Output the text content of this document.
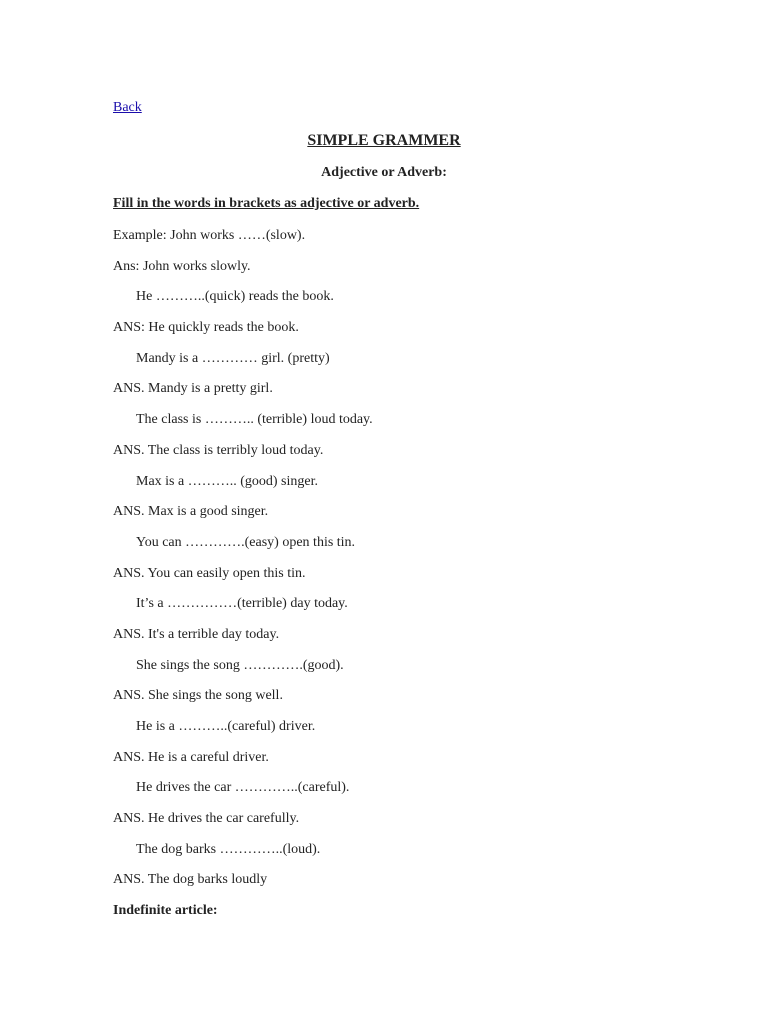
Back
SIMPLE GRAMMER
Adjective or Adverb:

Fill in the words in brackets as adjective or adverb.

Example: John works ……(slow).
Ans: John works slowly.
He ………..(quick) reads the book.
ANS: He quickly reads the book.
Mandy is a ………… girl. (pretty)
ANS. Mandy is a pretty girl.
The class is ……….. (terrible) loud today.
ANS. The class is terribly loud today.
Max is a ……….. (good) singer.
ANS. Max is a good singer.
You can ………….(easy) open this tin.
ANS. You can easily open this tin.
It’s a ……………(terrible) day today.
ANS. It's a terrible day today.
She sings the song ………….(good).
ANS. She sings the song well.
He is a ………..(careful) driver.
ANS. He is a careful driver.
He drives the car …………..(careful).
ANS. He drives the car carefully.
The dog barks …………..(loud).
ANS. The dog barks loudly

Indefinite article:
